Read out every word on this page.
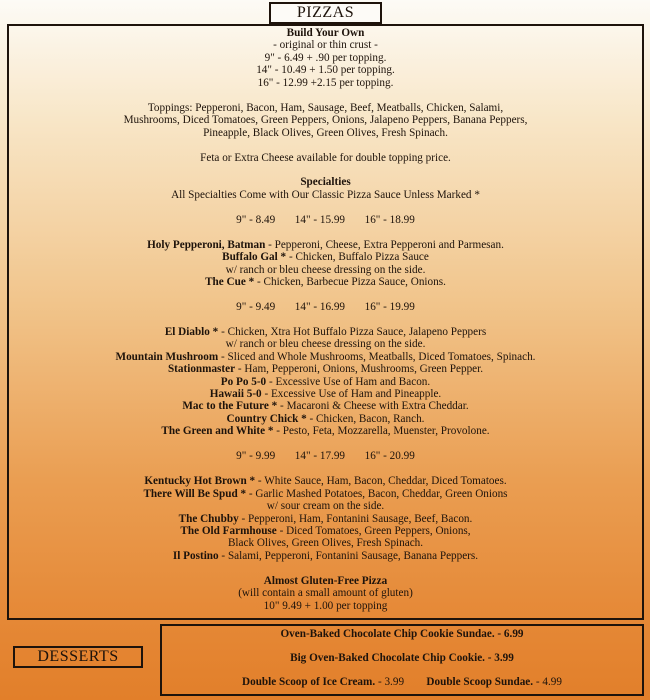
PIZZAS
Build Your Own
- original or thin crust -
9" - 6.49 + .90 per topping.
14" - 10.49 + 1.50 per topping.
16" - 12.99 +2.15 per topping.
Toppings: Pepperoni, Bacon, Ham, Sausage, Beef, Meatballs, Chicken, Salami,
Mushrooms, Diced Tomatoes, Green Peppers, Onions, Jalapeno Peppers, Banana Peppers,
Pineapple, Black Olives, Green Olives, Fresh Spinach.
Feta or Extra Cheese available for double topping price.
Specialties
All Specialties Come with Our Classic Pizza Sauce Unless Marked *
9" - 8.49 14" - 15.99 16" - 18.99
Holy Pepperoni, Batman - Pepperoni, Cheese, Extra Pepperoni and Parmesan.
Buffalo Gal * - Chicken, Buffalo Pizza Sauce
w/ ranch or bleu cheese dressing on the side.
The Cue * - Chicken, Barbecue Pizza Sauce, Onions.
9" - 9.49 14" - 16.99 16" - 19.99
El Diablo * - Chicken, Xtra Hot Buffalo Pizza Sauce, Jalapeno Peppers
w/ ranch or bleu cheese dressing on the side.
Mountain Mushroom - Sliced and Whole Mushrooms, Meatballs, Diced Tomatoes, Spinach.
Stationmaster - Ham, Pepperoni, Onions, Mushrooms, Green Pepper.
Po Po 5-0 - Excessive Use of Ham and Bacon.
Hawaii 5-0 - Excessive Use of Ham and Pineapple.
Mac to the Future * - Macaroni & Cheese with Extra Cheddar.
Country Chick * - Chicken, Bacon, Ranch.
The Green and White * - Pesto, Feta, Mozzarella, Muenster, Provolone.
9" - 9.99 14" - 17.99 16" - 20.99
Kentucky Hot Brown * - White Sauce, Ham, Bacon, Cheddar, Diced Tomatoes.
There Will Be Spud * - Garlic Mashed Potatoes, Bacon, Cheddar, Green Onions
w/ sour cream on the side.
The Chubby - Pepperoni, Ham, Fontanini Sausage, Beef, Bacon.
The Old Farmhouse - Diced Tomatoes, Green Peppers, Onions,
Black Olives, Green Olives, Fresh Spinach.
Il Postino - Salami, Pepperoni, Fontanini Sausage, Banana Peppers.
Almost Gluten-Free Pizza
(will contain a small amount of gluten)
10" 9.49 + 1.00 per topping
DESSERTS
Oven-Baked Chocolate Chip Cookie Sundae. - 6.99
Big Oven-Baked Chocolate Chip Cookie. - 3.99
Double Scoop of Ice Cream. - 3.99 Double Scoop Sundae. - 4.99
